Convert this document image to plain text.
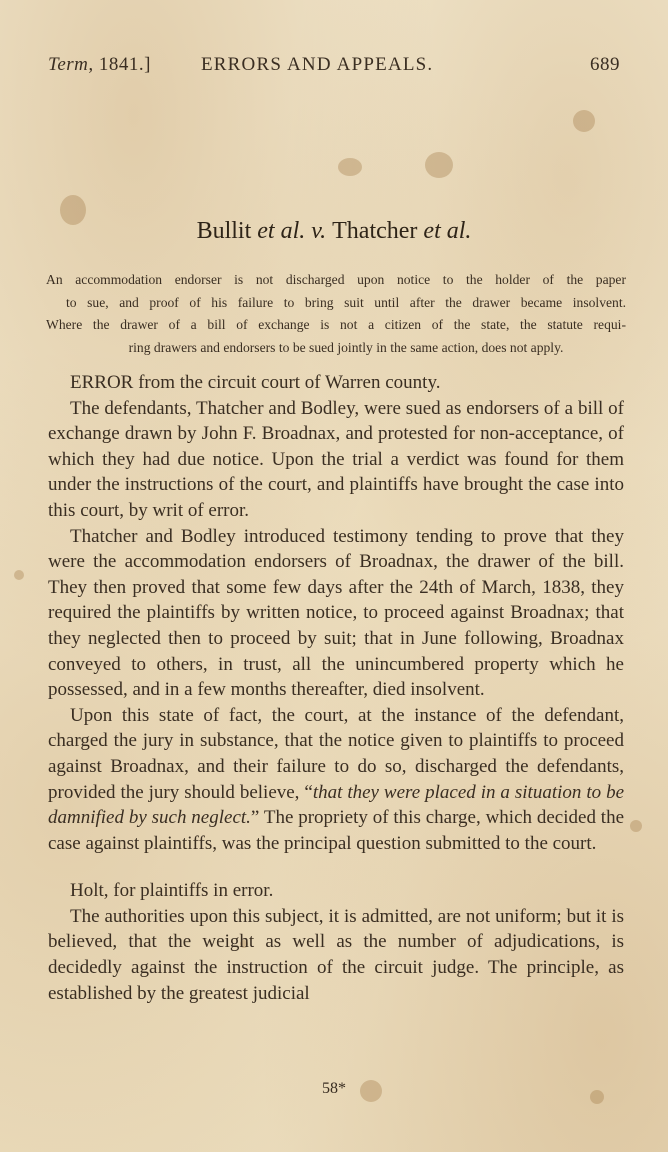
Term, 1841.]	ERRORS AND APPEALS.	689
Bullit et al. v. Thatcher et al.

An accommodation endorser is not discharged upon notice to the holder of the paper

to sue, and proof of his failure to bring suit until after the drawer became insolvent.

Where the drawer of a bill of exchange is not a citizen of the state, the statute requi-

ring drawers and endorsers to be sued jointly in the same action, does not apply.

ERROR from the circuit court of Warren county.

The defendants, Thatcher and Bodley, were sued as endorsers of a bill of exchange drawn by John F. Broadnax, and protested for non-acceptance, of which they had due notice. Upon the trial a verdict was found for them under the instructions of the court, and plaintiffs have brought the case into this court, by writ of error.

Thatcher and Bodley introduced testimony tending to prove that they were the accommodation endorsers of Broadnax, the drawer of the bill. They then proved that some few days after the 24th of March, 1838, they required the plaintiffs by written notice, to proceed against Broadnax; that they neglected then to proceed by suit; that in June following, Broadnax conveyed to others, in trust, all the unincumbered property which he possessed, and in a few months thereafter, died insolvent.

Upon this state of fact, the court, at the instance of the defendant, charged the jury in substance, that the notice given to plaintiffs to proceed against Broadnax, and their failure to do so, discharged the defendants, provided the jury should believe, “that they were placed in a situation to be damnified by such neglect.” The propriety of this charge, which decided the case against plaintiffs, was the principal question submitted to the court.

Holt, for plaintiffs in error.

The authorities upon this subject, it is admitted, are not uniform; but it is believed, that the weight as well as the number of adjudications, is decidedly against the instruction of the circuit judge. The principle, as established by the greatest judicial

58*
